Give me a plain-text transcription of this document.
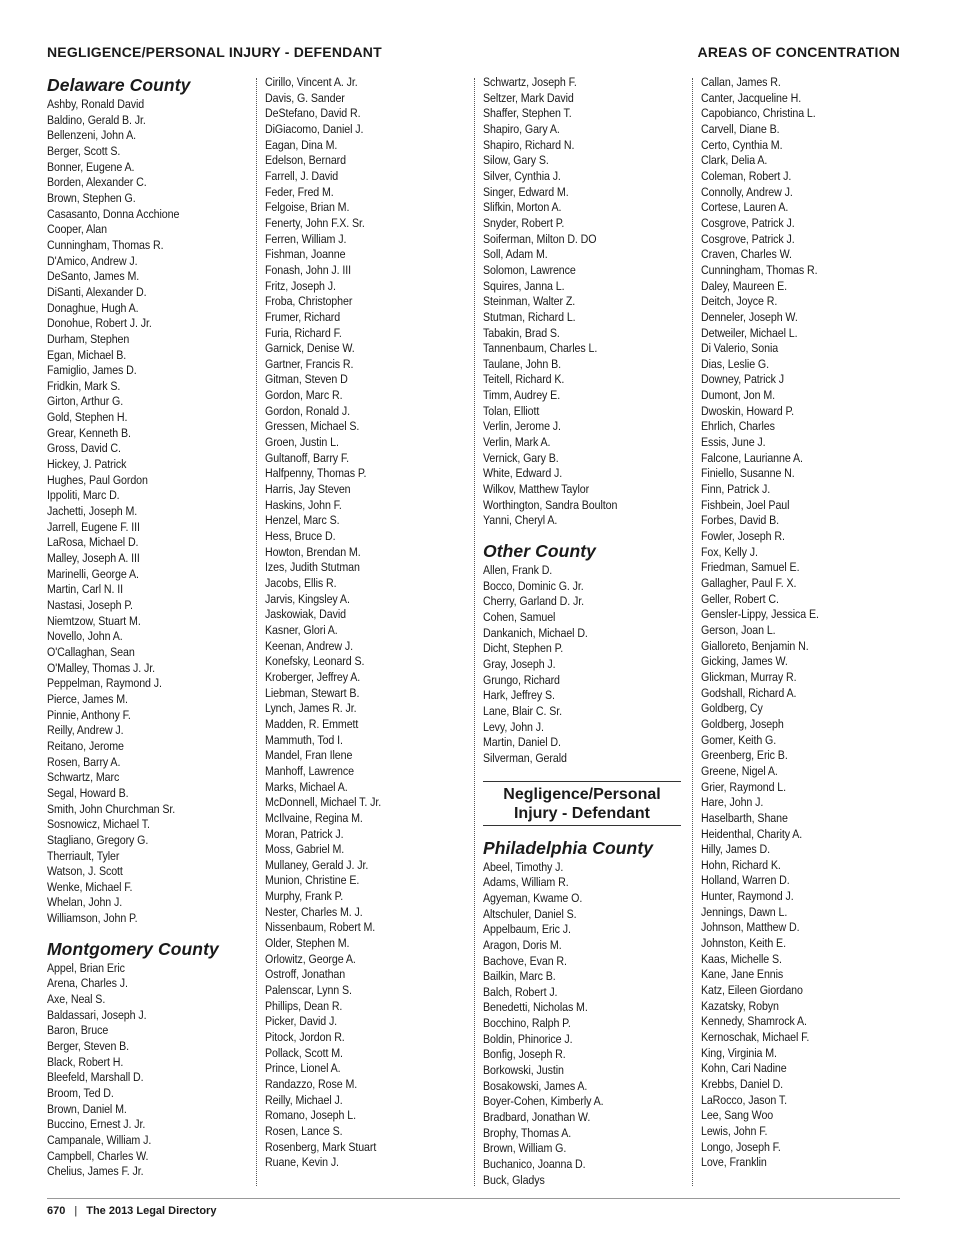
NEGLIGENCE/PERSONAL INJURY - DEFENDANT	AREAS OF CONCENTRATION
Delaware County
Ashby, Ronald David
Baldino, Gerald B. Jr.
Bellenzeni, John A.
Berger, Scott S.
Bonner, Eugene A.
Borden, Alexander C.
Brown, Stephen G.
Casasanto, Donna Acchione
Cooper, Alan
Cunningham, Thomas R.
D'Amico, Andrew J.
DeSanto, James M.
DiSanti, Alexander D.
Donaghue, Hugh A.
Donohue, Robert J. Jr.
Durham, Stephen
Egan, Michael B.
Famiglio, James D.
Fridkin, Mark S.
Girton, Arthur G.
Gold, Stephen H.
Grear, Kenneth B.
Gross, David C.
Hickey, J. Patrick
Hughes, Paul Gordon
Ippoliti, Marc D.
Jachetti, Joseph M.
Jarrell, Eugene F. III
LaRosa, Michael D.
Malley, Joseph A. III
Marinelli, George A.
Martin, Carl N. II
Nastasi, Joseph P.
Niemtzow, Stuart M.
Novello, John A.
O'Callaghan, Sean
O'Malley, Thomas J. Jr.
Peppelman, Raymond J.
Pierce, James M.
Pinnie, Anthony F.
Reilly, Andrew J.
Reitano, Jerome
Rosen, Barry A.
Schwartz, Marc
Segal, Howard B.
Smith, John Churchman Sr.
Sosnowicz, Michael T.
Stagliano, Gregory G.
Therriault, Tyler
Watson, J. Scott
Wenke, Michael F.
Whelan, John J.
Williamson, John P.
Montgomery County
Appel, Brian Eric
Arena, Charles J.
Axe, Neal S.
Baldassari, Joseph J.
Baron, Bruce
Berger, Steven B.
Black, Robert H.
Bleefeld, Marshall D.
Broom, Ted D.
Brown, Daniel M.
Buccino, Ernest J. Jr.
Campanale, William J.
Campbell, Charles W.
Chelius, James F. Jr.
Cirillo, Vincent A. Jr.
Davis, G. Sander
DeStefano, David R.
DiGiacomo, Daniel J.
Eagan, Dina M.
Edelson, Bernard
Farrell, J. David
Feder, Fred M.
Felgoise, Brian M.
Fenerty, John F.X. Sr.
Ferren, William J.
Fishman, Joanne
Fonash, John J. III
Fritz, Joseph J.
Froba, Christopher
Frumer, Richard
Furia, Richard F.
Garnick, Denise W.
Gartner, Francis R.
Gitman, Steven D
Gordon, Marc R.
Gordon, Ronald J.
Gressen, Michael S.
Groen, Justin L.
Gultanoff, Barry F.
Halfpenny, Thomas P.
Harris, Jay Steven
Haskins, John F.
Henzel, Marc S.
Hess, Bruce D.
Howton, Brendan M.
Izes, Judith Stutman
Jacobs, Ellis R.
Jarvis, Kingsley A.
Jaskowiak, David
Kasner, Glori A.
Keenan, Andrew J.
Konefsky, Leonard S.
Kroberger, Jeffrey A.
Liebman, Stewart B.
Lynch, James R. Jr.
Madden, R. Emmett
Mammuth, Tod I.
Mandel, Fran Ilene
Manhoff, Lawrence
Marks, Michael A.
McDonnell, Michael T. Jr.
McIlvaine, Regina M.
Moran, Patrick J.
Moss, Gabriel M.
Mullaney, Gerald J. Jr.
Munion, Christine E.
Murphy, Frank P.
Nester, Charles M. J.
Nissenbaum, Robert M.
Older, Stephen M.
Orlowitz, George A.
Ostroff, Jonathan
Palenscar, Lynn S.
Phillips, Dean R.
Picker, David J.
Pitock, Jordon R.
Pollack, Scott M.
Prince, Lionel A.
Randazzo, Rose M.
Reilly, Michael J.
Romano, Joseph L.
Rosen, Lance S.
Rosenberg, Mark Stuart
Ruane, Kevin J.
Schwartz, Joseph F.
Seltzer, Mark David
Shaffer, Stephen T.
Shapiro, Gary A.
Shapiro, Richard N.
Silow, Gary S.
Silver, Cynthia J.
Singer, Edward M.
Slifkin, Morton A.
Snyder, Robert P.
Soiferman, Milton D. DO
Soll, Adam M.
Solomon, Lawrence
Squires, Janna L.
Steinman, Walter Z.
Stutman, Richard L.
Tabakin, Brad S.
Tannenbaum, Charles L.
Taulane, John B.
Teitell, Richard K.
Timm, Audrey E.
Tolan, Elliott
Verlin, Jerome J.
Verlin, Mark A.
Vernick, Gary B.
White, Edward J.
Wilkov, Matthew Taylor
Worthington, Sandra Boulton
Yanni, Cheryl A.
Other County
Allen, Frank D.
Bocco, Dominic G. Jr.
Cherry, Garland D. Jr.
Cohen, Samuel
Dankanich, Michael D.
Dicht, Stephen P.
Gray, Joseph J.
Grungo, Richard
Hark, Jeffrey S.
Lane, Blair C. Sr.
Levy, John J.
Martin, Daniel D.
Silverman, Gerald
Negligence/Personal
Injury - Defendant
Philadelphia County
Abeel, Timothy J.
Adams, William R.
Agyeman, Kwame O.
Altschuler, Daniel S.
Appelbaum, Eric J.
Aragon, Doris M.
Bachove, Evan R.
Bailkin, Marc B.
Balch, Robert J.
Benedetti, Nicholas M.
Bocchino, Ralph P.
Boldin, Phinorice J.
Bonfig, Joseph R.
Borkowski, Justin
Bosakowski, James A.
Boyer-Cohen, Kimberly A.
Bradbard, Jonathan W.
Brophy, Thomas A.
Brown, William G.
Buchanico, Joanna D.
Buck, Gladys
Callan, James R.
Canter, Jacqueline H.
Capobianco, Christina L.
Carvell, Diane B.
Certo, Cynthia M.
Clark, Delia A.
Coleman, Robert J.
Connolly, Andrew J.
Cortese, Lauren A.
Cosgrove, Patrick J.
Cosgrove, Patrick J.
Craven, Charles W.
Cunningham, Thomas R.
Daley, Maureen E.
Deitch, Joyce R.
Denneler, Joseph W.
Detweiler, Michael L.
Di Valerio, Sonia
Dias, Leslie G.
Downey, Patrick J
Dumont, Jon M.
Dwoskin, Howard P.
Ehrlich, Charles
Essis, June J.
Falcone, Laurianne A.
Finiello, Susanne N.
Finn, Patrick J.
Fishbein, Joel Paul
Forbes, David B.
Fowler, Joseph R.
Fox, Kelly J.
Friedman, Samuel E.
Gallagher, Paul F. X.
Geller, Robert C.
Gensler-Lippy, Jessica E.
Gerson, Joan L.
Gialloreto, Benjamin N.
Gicking, James W.
Glickman, Murray R.
Godshall, Richard A.
Goldberg, Cy
Goldberg, Joseph
Gomer, Keith G.
Greenberg, Eric B.
Greene, Nigel A.
Grier, Raymond L.
Hare, John J.
Haselbarth, Shane
Heidenthal, Charity A.
Hilly, James D.
Hohn, Richard K.
Holland, Warren D.
Hunter, Raymond J.
Jennings, Dawn L.
Johnson, Matthew D.
Johnston, Keith E.
Kaas, Michelle S.
Kane, Jane Ennis
Katz, Eileen Giordano
Kazatsky, Robyn
Kennedy, Shamrock A.
Kernoschak, Michael F.
King, Virginia M.
Kohn, Cari Nadine
Krebbs, Daniel D.
LaRocco, Jason T.
Lee, Sang Woo
Lewis, John F.
Longo, Joseph F.
Love, Franklin
670 | The 2013 Legal Directory
